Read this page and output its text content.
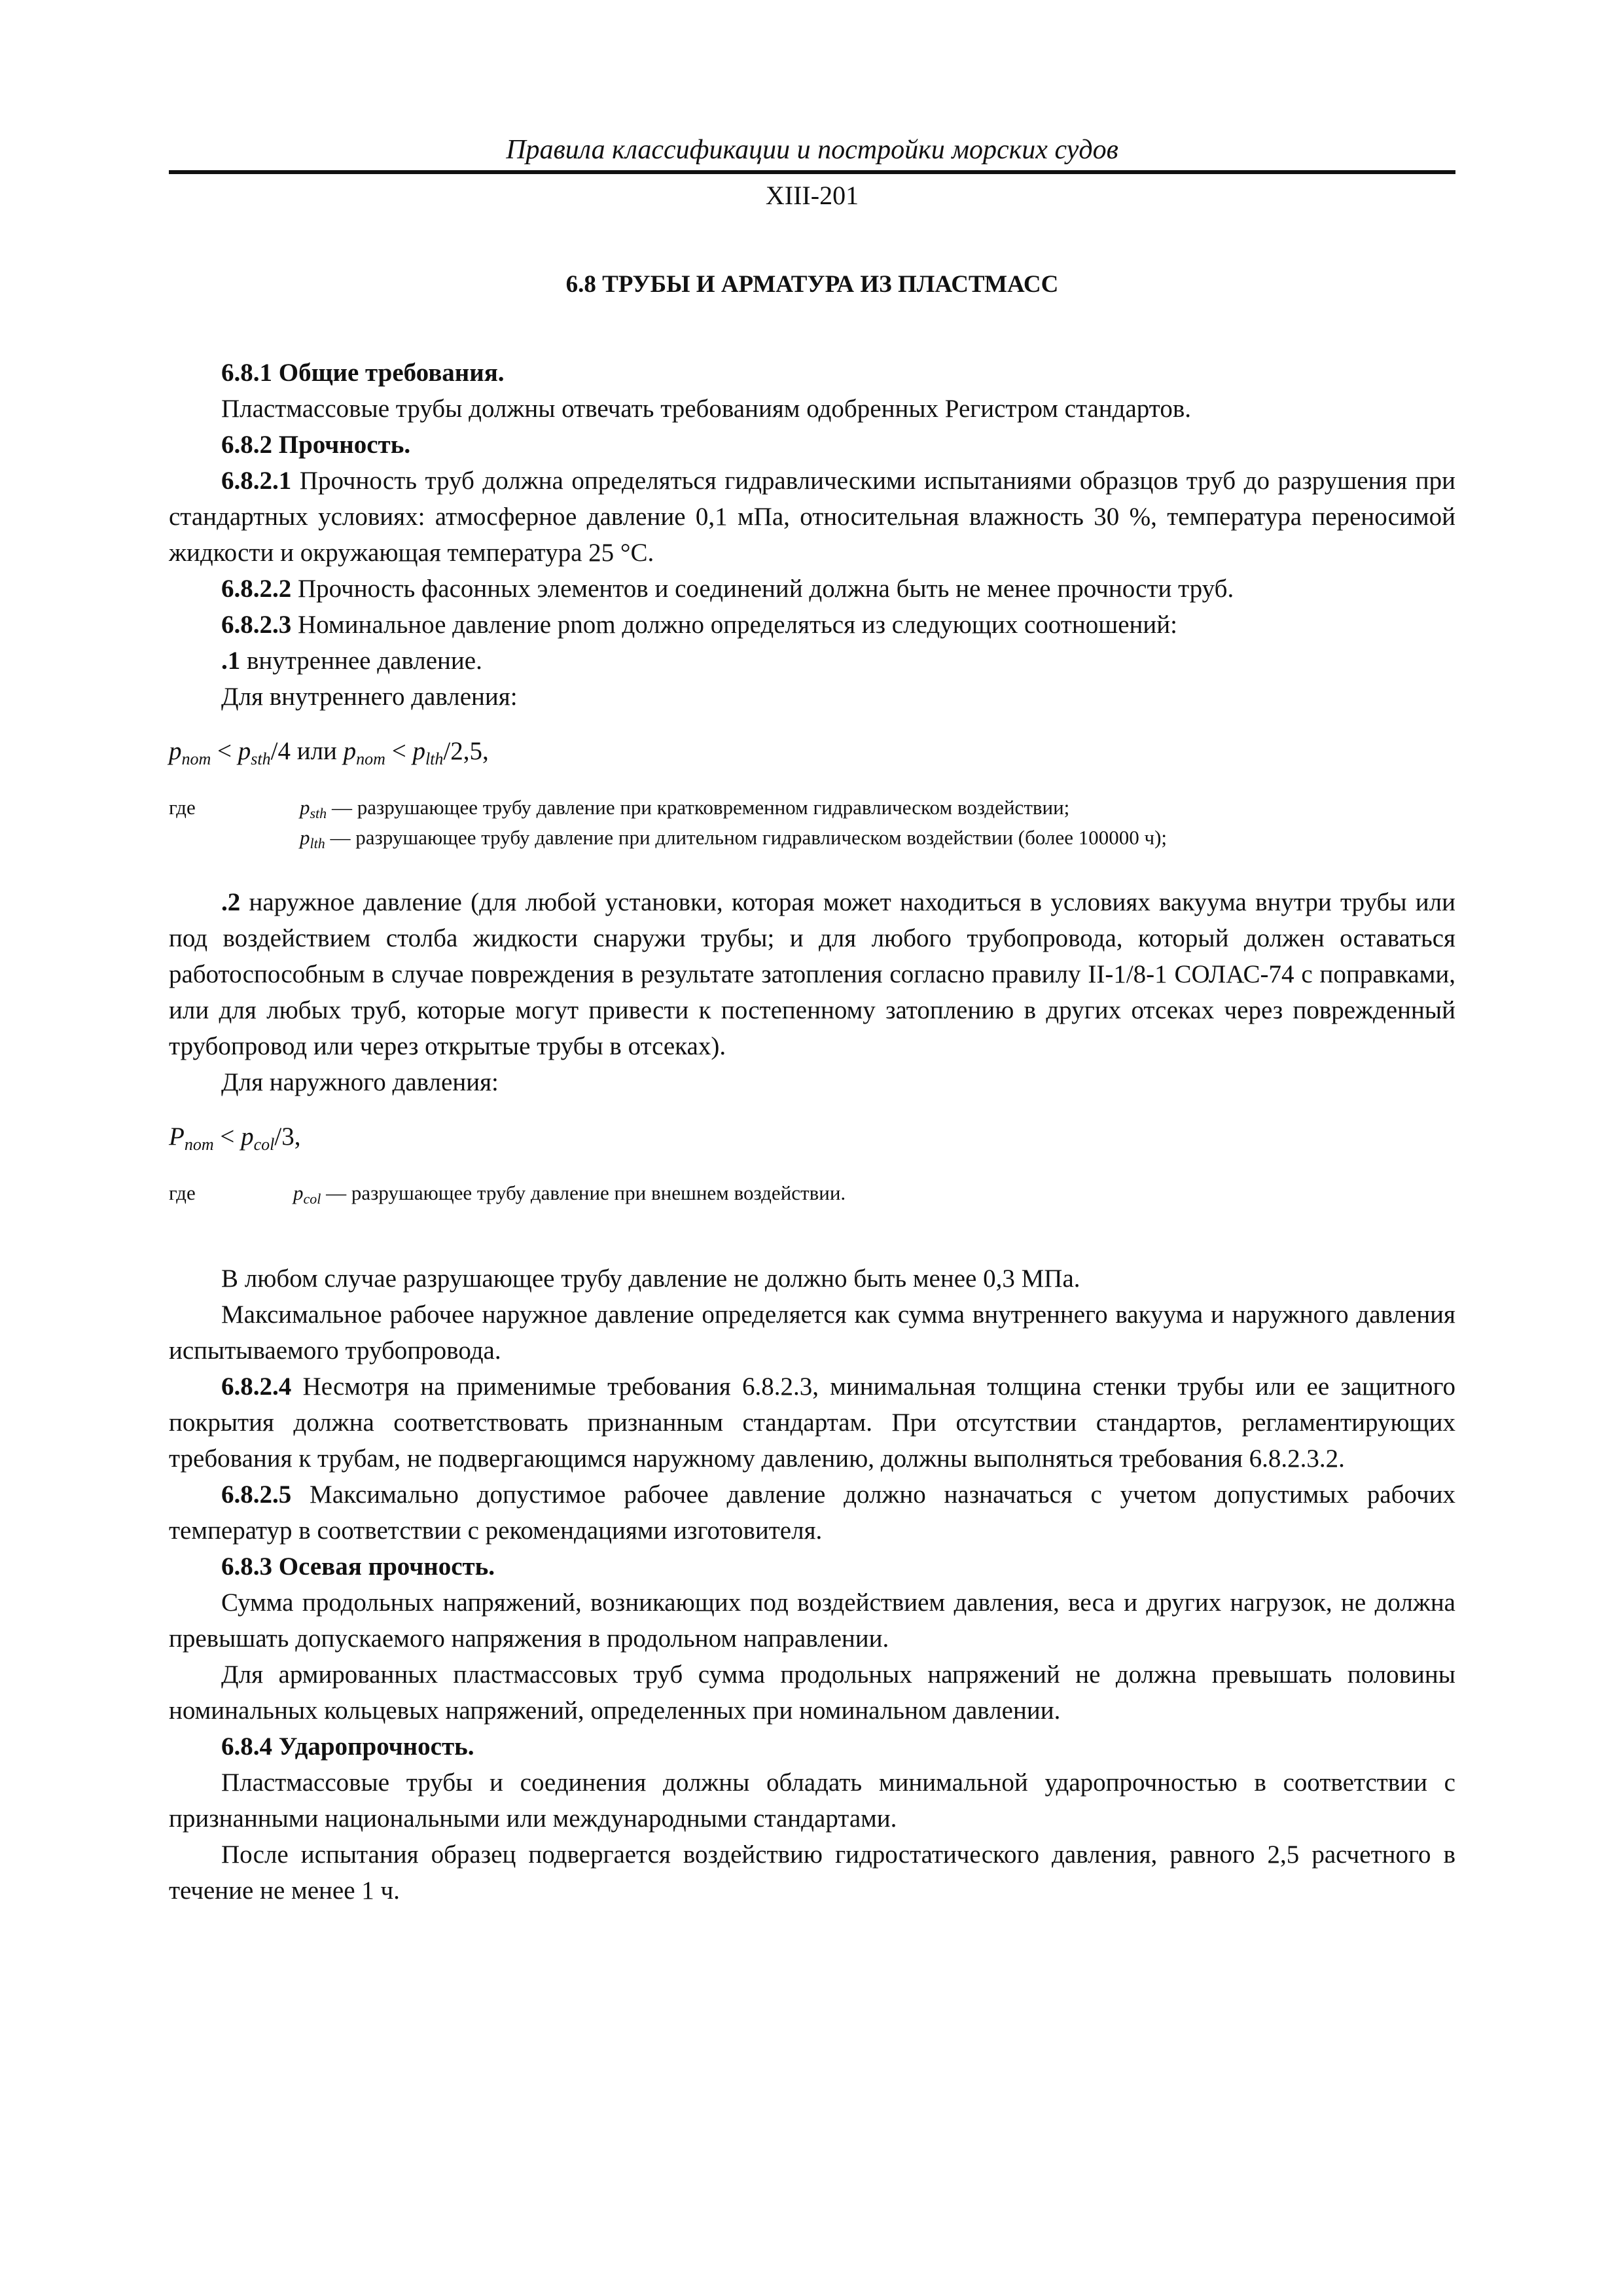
Правила классификации и постройки морских судов
XIII-201
6.8 ТРУБЫ И АРМАТУРА ИЗ ПЛАСТМАСС

6.8.1 Общие требования.

Пластмассовые трубы должны отвечать требованиям одобренных Регистром стандартов.

6.8.2 Прочность.

6.8.2.1 Прочность труб должна определяться гидравлическими испытаниями образцов труб до разрушения при стандартных условиях: атмосферное давление 0,1 мПа, относительная влажность 30 %, температура переносимой жидкости и окружающая температура 25 °С.

6.8.2.2 Прочность фасонных элементов и соединений должна быть не менее прочности труб.

6.8.2.3 Номинальное давление pnom должно определяться из следующих соотношений:

.1 внутреннее давление.

Для внутреннего давления:

$p_{nom} < p_{sth}/4$ или $p_{nom} < p_{lth}/2,5$,

где	$p_{sth}$ — разрушающее трубу давление при кратковременном гидравлическом воздействии;
$p_{lth}$ — разрушающее трубу давление при длительном гидравлическом воздействии (более 100000 ч);

.2 наружное давление (для любой установки, которая может находиться в условиях вакуума внутри трубы или под воздействием столба жидкости снаружи трубы; и для любого трубопровода, который должен оставаться работоспособным в случае повреждения в результате затопления согласно правилу II-1/8-1 СОЛАС-74 с поправками, или для любых труб, которые могут привести к постепенному затоплению в других отсеках через поврежденный трубопровод или через открытые трубы в отсеках).

Для наружного давления:

$P_{nom} < p_{col}/3$,

где	$p_{col}$ — разрушающее трубу давление при внешнем воздействии.

В любом случае разрушающее трубу давление не должно быть менее 0,3 МПа.

Максимальное рабочее наружное давление определяется как сумма внутреннего вакуума и наружного давления испытываемого трубопровода.

6.8.2.4 Несмотря на применимые требования 6.8.2.3, минимальная толщина стенки трубы или ее защитного покрытия должна соответствовать признанным стандартам. При отсутствии стандартов, регламентирующих требования к трубам, не подвергающимся наружному давлению, должны выполняться требования 6.8.2.3.2.

6.8.2.5 Максимально допустимое рабочее давление должно назначаться с учетом допустимых рабочих температур в соответствии с рекомендациями изготовителя.

6.8.3 Осевая прочность.

Сумма продольных напряжений, возникающих под воздействием давления, веса и других нагрузок, не должна превышать допускаемого напряжения в продольном направлении.

Для армированных пластмассовых труб сумма продольных напряжений не должна превышать половины номинальных кольцевых напряжений, определенных при номинальном давлении.

6.8.4 Ударопрочность.

Пластмассовые трубы и соединения должны обладать минимальной ударопрочностью в соответствии с признанными национальными или международными стандартами.

После испытания образец подвергается воздействию гидростатического давления, равного 2,5 расчетного в течение не менее 1 ч.
